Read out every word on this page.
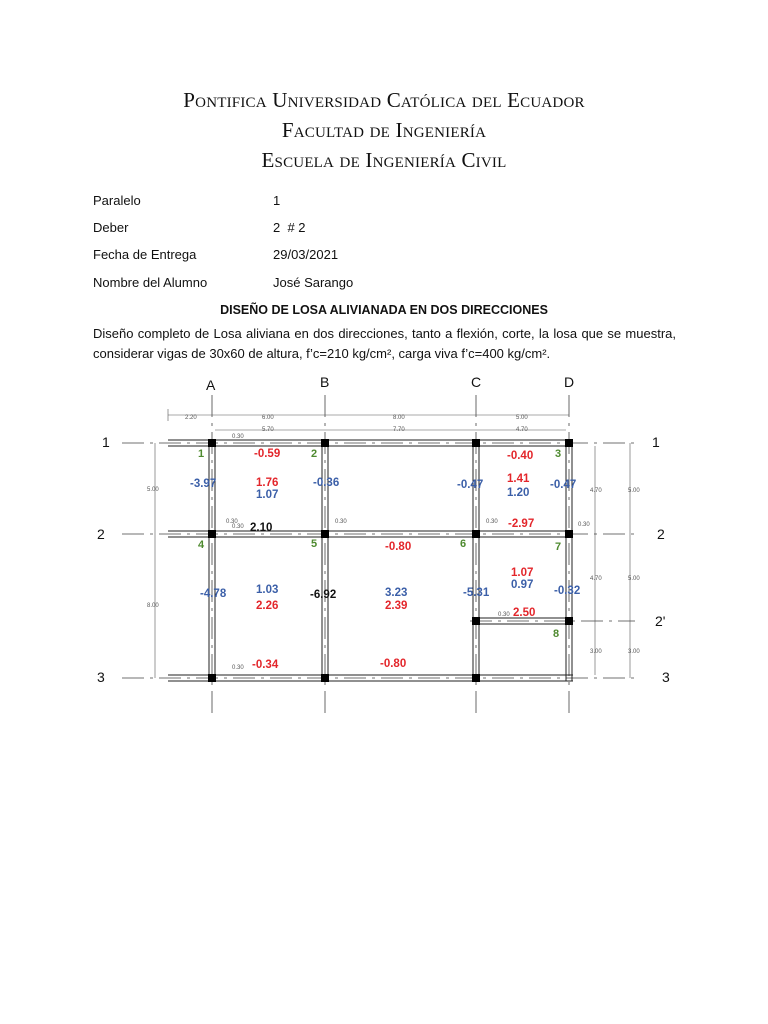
Pontifica Universidad Católica del Ecuador
Facultad de Ingeniería
Escuela de Ingeniería Civil
Paralelo	1
Deber	2  # 2
Fecha de Entrega	29/03/2021
Nombre del Alumno	José Sarango
DISEÑO DE LOSA ALIVIANADA EN DOS DIRECCIONES
Diseño completo de Losa aliviana en dos direcciones, tanto a flexión, corte, la losa que se muestra, considerar vigas de 30x60 de altura, f’c=210 kg/cm², carga viva f’c=400 kg/cm².
A	B	C	D
1
2
3
1
2
2'
3
2.20	6.00	8.00	5.00
5.70	7.70	4.70
5.00
8.00
4.70
4.70
3.00
5.00
5.00
3.00
0.30
0.30
0.30
0.30	0.30	0.30
0.30
0.30
1	2	3
4	5	6	7
8
-0.59
1.76
-0.40
1.41
-2.97
-0.80
1.07
2.26	2.39
2.50
-0.34	-0.80
-3.97
1.07
-0.36	-0.47
1.20
-0.47
-4.78	1.03	3.23	-5.31
0.97 -0.32
2.10
-6.92
